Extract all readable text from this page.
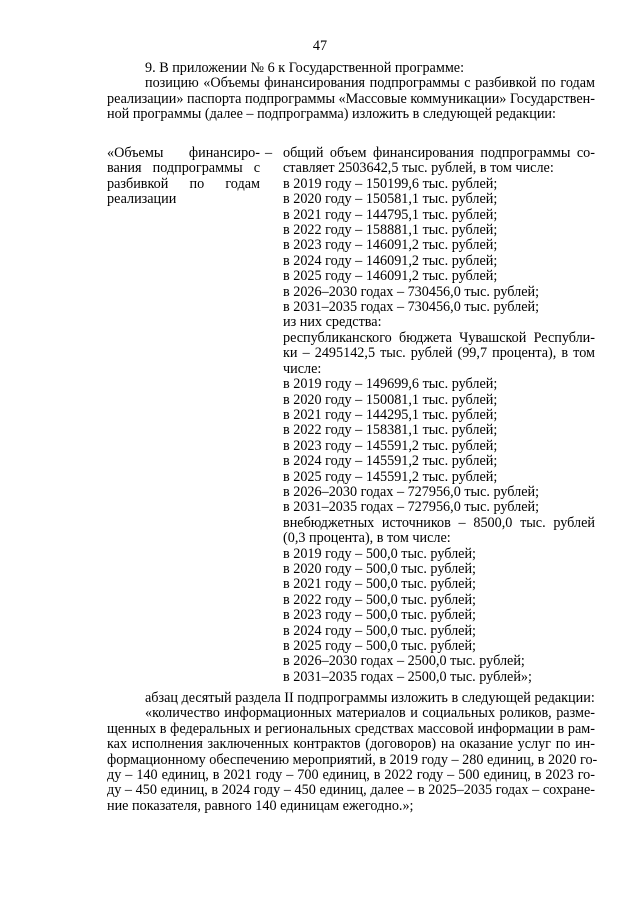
47
9. В приложении № 6 к Государственной программе:
позицию «Объемы финансирования подпрограммы с разбивкой по годам
реализации» паспорта подпрограммы «Массовые коммуникации» Государствен-
ной программы (далее – подпрограмма) изложить в следующей редакции:
«Объемы финансиро-
вания подпрограммы с
разбивкой по годам
реализации
– общий объем финансирования подпрограммы со-
ставляет 2503642,5 тыс. рублей, в том числе:
в 2019 году – 150199,6 тыс. рублей;
в 2020 году – 150581,1 тыс. рублей;
в 2021 году – 144795,1 тыс. рублей;
в 2022 году – 158881,1 тыс. рублей;
в 2023 году – 146091,2 тыс. рублей;
в 2024 году – 146091,2 тыс. рублей;
в 2025 году – 146091,2 тыс. рублей;
в 2026–2030 годах – 730456,0 тыс. рублей;
в 2031–2035 годах – 730456,0 тыс. рублей;
из них средства:
республиканского бюджета Чувашской Республи-
ки – 2495142,5 тыс. рублей (99,7 процента), в том
числе:
в 2019 году – 149699,6 тыс. рублей;
в 2020 году – 150081,1 тыс. рублей;
в 2021 году – 144295,1 тыс. рублей;
в 2022 году – 158381,1 тыс. рублей;
в 2023 году – 145591,2 тыс. рублей;
в 2024 году – 145591,2 тыс. рублей;
в 2025 году – 145591,2 тыс. рублей;
в 2026–2030 годах – 727956,0 тыс. рублей;
в 2031–2035 годах – 727956,0 тыс. рублей;
внебюджетных источников – 8500,0 тыс. рублей
(0,3 процента), в том числе:
в 2019 году – 500,0 тыс. рублей;
в 2020 году – 500,0 тыс. рублей;
в 2021 году – 500,0 тыс. рублей;
в 2022 году – 500,0 тыс. рублей;
в 2023 году – 500,0 тыс. рублей;
в 2024 году – 500,0 тыс. рублей;
в 2025 году – 500,0 тыс. рублей;
в 2026–2030 годах – 2500,0 тыс. рублей;
в 2031–2035 годах – 2500,0 тыс. рублей»;
абзац десятый раздела II подпрограммы изложить в следующей редакции:
«количество информационных материалов и социальных роликов, разме-
щенных в федеральных и региональных средствах массовой информации в рам-
ках исполнения заключенных контрактов (договоров) на оказание услуг по ин-
формационному обеспечению мероприятий, в 2019 году – 280 единиц, в 2020 го-
ду – 140 единиц, в 2021 году – 700 единиц, в 2022 году – 500 единиц, в 2023 го-
ду – 450 единиц, в 2024 году – 450 единиц, далее – в 2025–2035 годах – сохране-
ние показателя, равного 140 единицам ежегодно.»;
